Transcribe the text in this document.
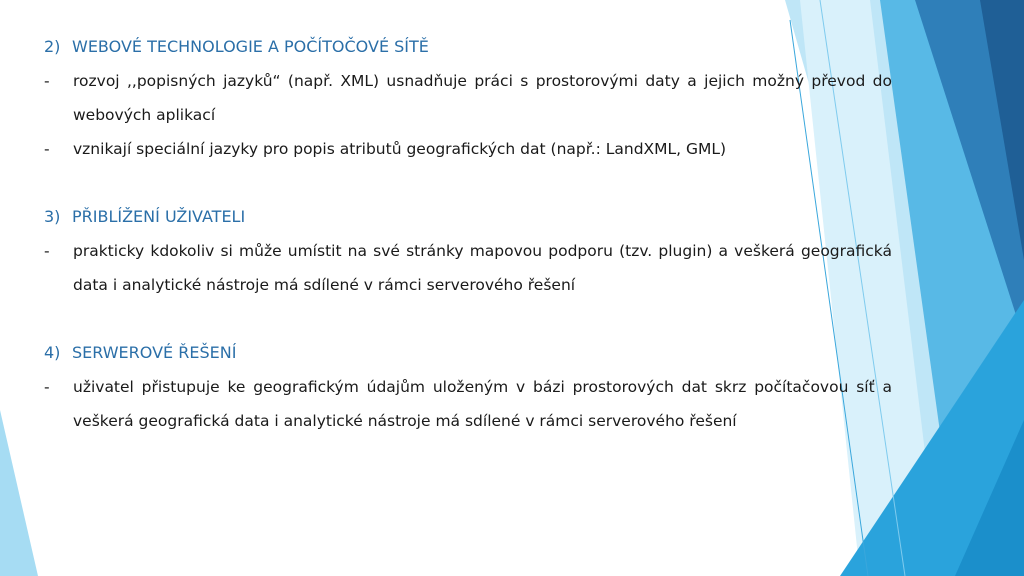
2) WEBOVÉ TECHNOLOGIE A POČÍTOČOVÉ SÍTĚ
-	rozvoj ,,popisných jazyků“ (např. XML) usnadňuje práci s prostorovými daty a jejich možný převod do webových aplikací
-	vznikají speciální jazyky pro popis atributů geografických dat (např.: LandXML, GML)
3) PŘIBLÍŽENÍ UŽIVATELI
-	prakticky kdokoliv si může umístit na své stránky mapovou podporu (tzv. plugin) a veškerá geografická data i analytické nástroje má sdílené v rámci serverového řešení
4) SERWEROVÉ ŘEŠENÍ
-	uživatel přistupuje ke geografickým údajům uloženým v bázi prostorových dat skrz počítačovou síť a veškerá geografická data i analytické nástroje má sdílené v rámci serverového řešení
